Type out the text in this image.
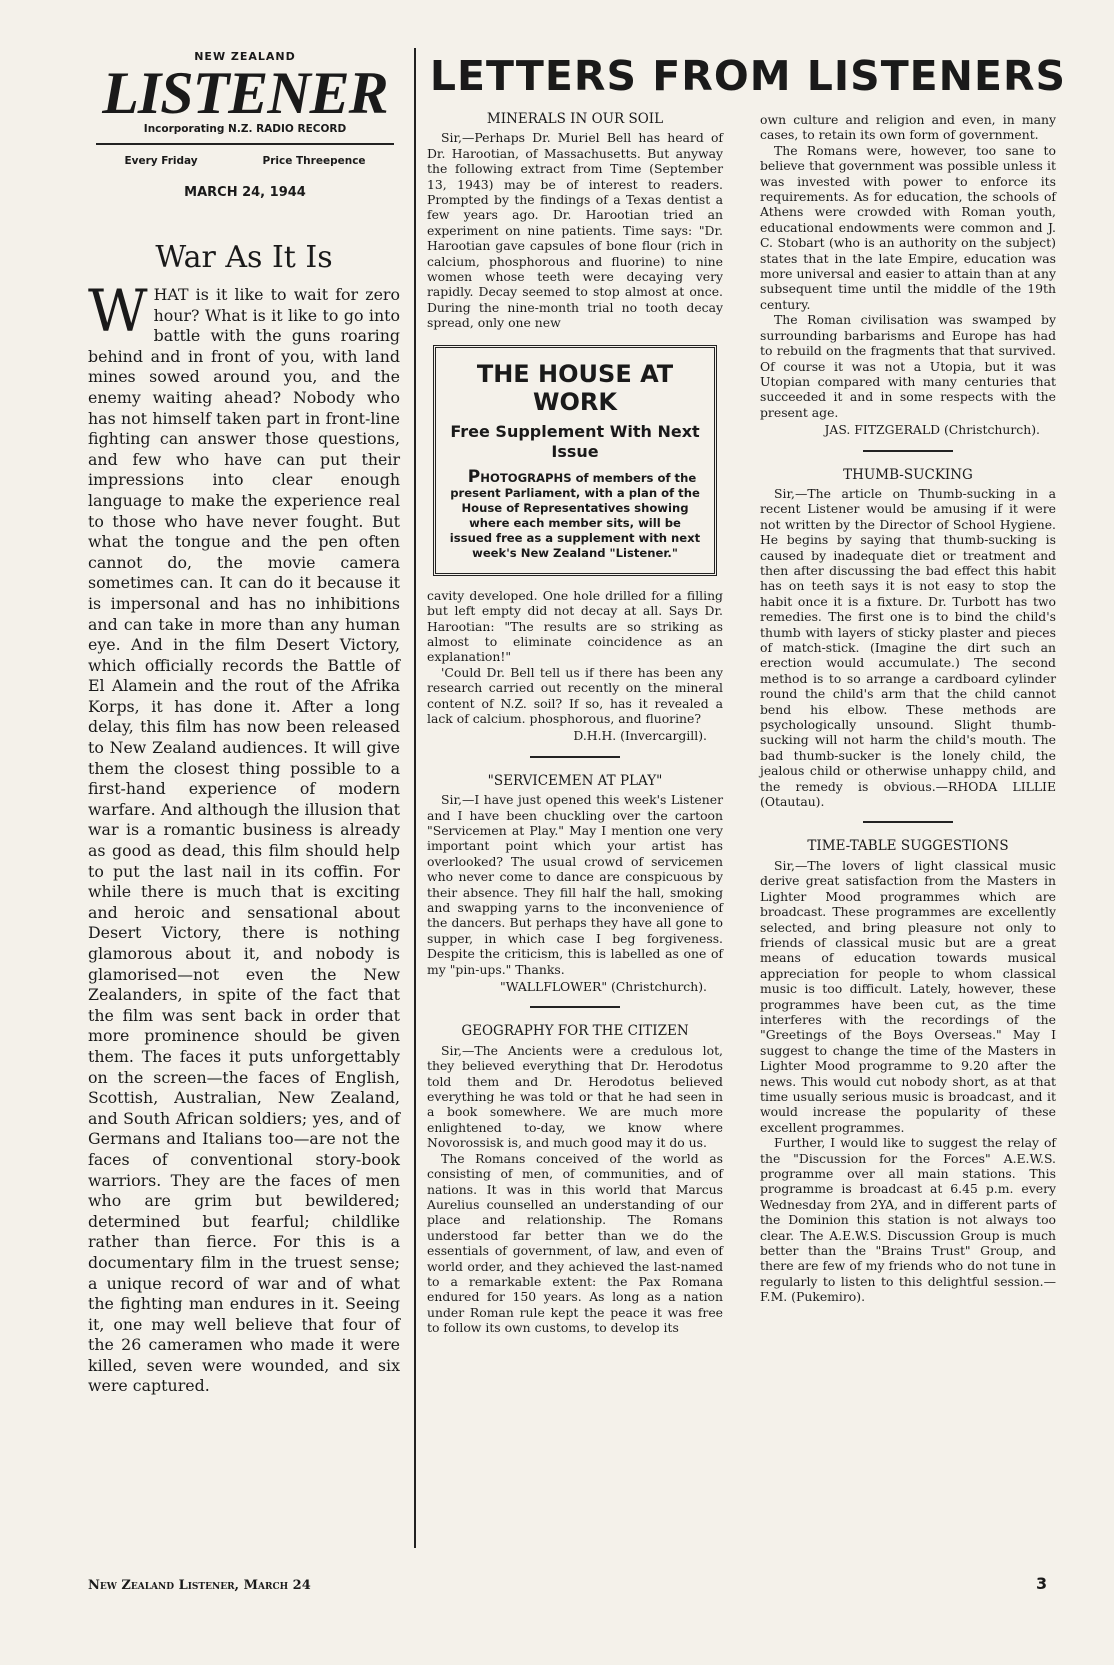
NEW ZEALAND
LISTENER
Incorporating N.Z. RADIO RECORD
Every Friday	Price Threepence
MARCH 24, 1944
War As It Is

WHAT is it like to wait for zero hour? What is it like to go into battle with the guns roaring behind and in front of you, with land mines sowed around you, and the enemy waiting ahead? Nobody who has not himself taken part in front-line fighting can answer those questions, and few who have can put their impressions into clear enough language to make the experience real to those who have never fought. But what the tongue and the pen often cannot do, the movie camera sometimes can. It can do it because it is impersonal and has no inhibitions and can take in more than any human eye. And in the film Desert Victory, which officially records the Battle of El Alamein and the rout of the Afrika Korps, it has done it. After a long delay, this film has now been released to New Zealand audiences. It will give them the closest thing possible to a first-hand experience of modern warfare. And although the illusion that war is a romantic business is already as good as dead, this film should help to put the last nail in its coffin. For while there is much that is exciting and heroic and sensational about Desert Victory, there is nothing glamorous about it, and nobody is glamorised—not even the New Zealanders, in spite of the fact that the film was sent back in order that more prominence should be given them. The faces it puts unforgettably on the screen—the faces of English, Scottish, Australian, New Zealand, and South African soldiers; yes, and of Germans and Italians too—are not the faces of conventional story-book warriors. They are the faces of men who are grim but bewildered; determined but fearful; childlike rather than fierce. For this is a documentary film in the truest sense; a unique record of war and of what the fighting man endures in it. Seeing it, one may well believe that four of the 26 cameramen who made it were killed, seven were wounded, and six were captured.

LETTERS FROM LISTENERS
MINERALS IN OUR SOIL

Sir,—Perhaps Dr. Muriel Bell has heard of Dr. Harootian, of Massachusetts. But anyway the following extract from Time (September 13, 1943) may be of interest to readers. Prompted by the findings of a Texas dentist a few years ago. Dr. Harootian tried an experiment on nine patients. Time says: "Dr. Harootian gave capsules of bone flour (rich in calcium, phosphorous and fluorine) to nine women whose teeth were decaying very rapidly. Decay seemed to stop almost at once. During the nine-month trial no tooth decay spread, only one new

THE HOUSE AT WORK
Free Supplement With Next Issue

PHOTOGRAPHS of members of the present Parliament, with a plan of the House of Representatives showing where each member sits, will be issued free as a supplement with next week's New Zealand "Listener."

cavity developed. One hole drilled for a filling but left empty did not decay at all. Says Dr. Harootian: "The results are so striking as almost to eliminate coincidence as an explanation!"

'Could Dr. Bell tell us if there has been any research carried out recently on the mineral content of N.Z. soil? If so, has it revealed a lack of calcium. phosphorous, and fluorine?

D.H.H. (Invercargill).

"SERVICEMEN AT PLAY"

Sir,—I have just opened this week's Listener and I have been chuckling over the cartoon "Servicemen at Play." May I mention one very important point which your artist has overlooked? The usual crowd of servicemen who never come to dance are conspicuous by their absence. They fill half the hall, smoking and swapping yarns to the inconvenience of the dancers. But perhaps they have all gone to supper, in which case I beg forgiveness. Despite the criticism, this is labelled as one of my "pin-ups." Thanks.

"WALLFLOWER" (Christchurch).

GEOGRAPHY FOR THE CITIZEN

Sir,—The Ancients were a credulous lot, they believed everything that Dr. Herodotus told them and Dr. Herodotus believed everything he was told or that he had seen in a book somewhere. We are much more enlightened to-day, we know where Novorossisk is, and much good may it do us.

The Romans conceived of the world as consisting of men, of communities, and of nations. It was in this world that Marcus Aurelius counselled an understanding of our place and relationship. The Romans understood far better than we do the essentials of government, of law, and even of world order, and they achieved the last-named to a remarkable extent: the Pax Romana endured for 150 years. As long as a nation under Roman rule kept the peace it was free to follow its own customs, to develop its

own culture and religion and even, in many cases, to retain its own form of government.

The Romans were, however, too sane to believe that government was possible unless it was invested with power to enforce its requirements. As for education, the schools of Athens were crowded with Roman youth, educational endowments were common and J. C. Stobart (who is an authority on the subject) states that in the late Empire, education was more universal and easier to attain than at any subsequent time until the middle of the 19th century.

The Roman civilisation was swamped by surrounding barbarisms and Europe has had to rebuild on the fragments that that survived. Of course it was not a Utopia, but it was Utopian compared with many centuries that succeeded it and in some respects with the present age.

JAS. FITZGERALD (Christchurch).

THUMB-SUCKING

Sir,—The article on Thumb-sucking in a recent Listener would be amusing if it were not written by the Director of School Hygiene. He begins by saying that thumb-sucking is caused by inadequate diet or treatment and then after discussing the bad effect this habit has on teeth says it is not easy to stop the habit once it is a fixture. Dr. Turbott has two remedies. The first one is to bind the child's thumb with layers of sticky plaster and pieces of match-stick. (Imagine the dirt such an erection would accumulate.) The second method is to so arrange a cardboard cylinder round the child's arm that the child cannot bend his elbow. These methods are psychologically unsound. Slight thumb-sucking will not harm the child's mouth. The bad thumb-sucker is the lonely child, the jealous child or otherwise unhappy child, and the remedy is obvious.—RHODA LILLIE (Otautau).

TIME-TABLE SUGGESTIONS

Sir,—The lovers of light classical music derive great satisfaction from the Masters in Lighter Mood programmes which are broadcast. These programmes are excellently selected, and bring pleasure not only to friends of classical music but are a great means of education towards musical appreciation for people to whom classical music is too difficult. Lately, however, these programmes have been cut, as the time interferes with the recordings of the "Greetings of the Boys Overseas." May I suggest to change the time of the Masters in Lighter Mood programme to 9.20 after the news. This would cut nobody short, as at that time usually serious music is broadcast, and it would increase the popularity of these excellent programmes.

Further, I would like to suggest the relay of the "Discussion for the Forces" A.E.W.S. programme over all main stations. This programme is broadcast at 6.45 p.m. every Wednesday from 2YA, and in different parts of the Dominion this station is not always too clear. The A.E.W.S. Discussion Group is much better than the "Brains Trust" Group, and there are few of my friends who do not tune in regularly to listen to this delightful session.—F.M. (Pukemiro).

New Zealand Listener, March 24	3
